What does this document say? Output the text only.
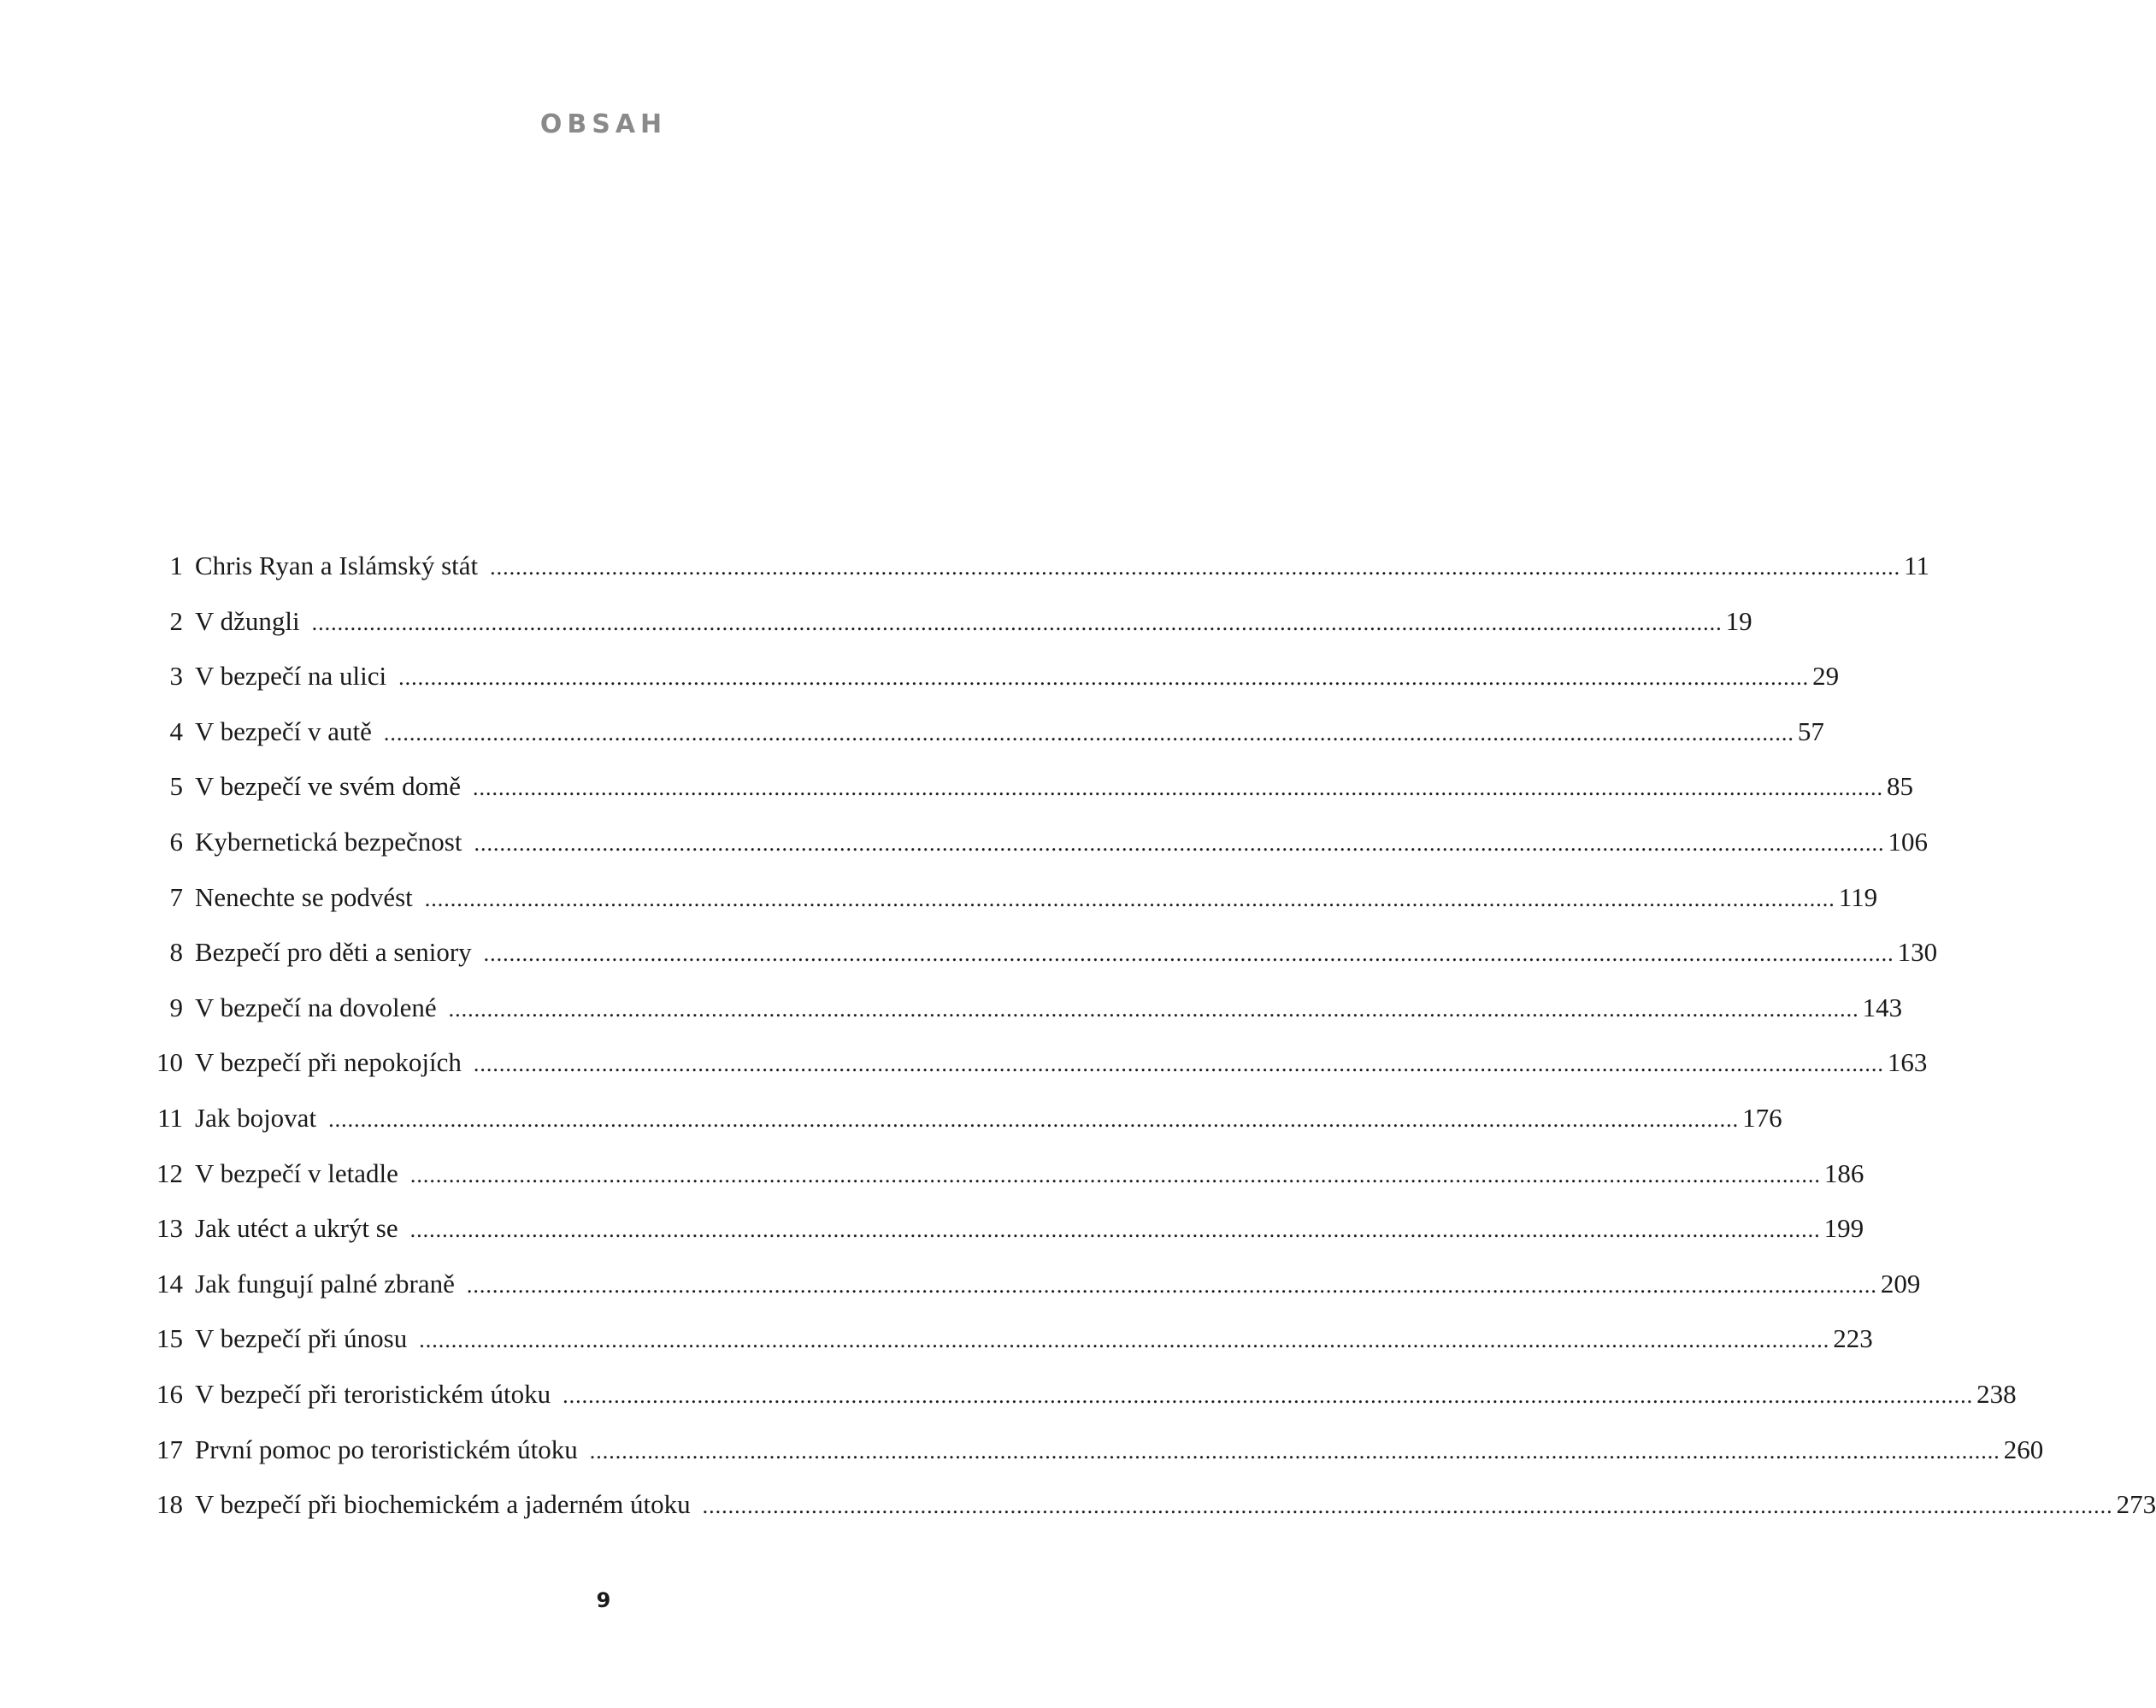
OBSAH
1 Chris Ryan a Islámský stát ............................................................................................................................................................................................................................ 11
2 V džungli ............................................................................................................................................................................................................................ 19
3 V bezpečí na ulici ............................................................................................................................................................................................................................ 29
4 V bezpečí v autě ............................................................................................................................................................................................................................ 57
5 V bezpečí ve svém domě ............................................................................................................................................................................................................................ 85
6 Kybernetická bezpečnost ............................................................................................................................................................................................................................ 106
7 Nenechte se podvést ............................................................................................................................................................................................................................ 119
8 Bezpečí pro děti a seniory ............................................................................................................................................................................................................................ 130
9 V bezpečí na dovolené ............................................................................................................................................................................................................................ 143
10 V bezpečí při nepokojích ............................................................................................................................................................................................................................ 163
11 Jak bojovat ............................................................................................................................................................................................................................ 176
12 V bezpečí v letadle ............................................................................................................................................................................................................................ 186
13 Jak utéct a ukrýt se ............................................................................................................................................................................................................................ 199
14 Jak fungují palné zbraně ............................................................................................................................................................................................................................ 209
15 V bezpečí při únosu ............................................................................................................................................................................................................................ 223
16 V bezpečí při teroristickém útoku ............................................................................................................................................................................................................................ 238
17 První pomoc po teroristickém útoku ............................................................................................................................................................................................................................ 260
18 V bezpečí při biochemickém a jaderném útoku ............................................................................................................................................................................................................................ 273
9
